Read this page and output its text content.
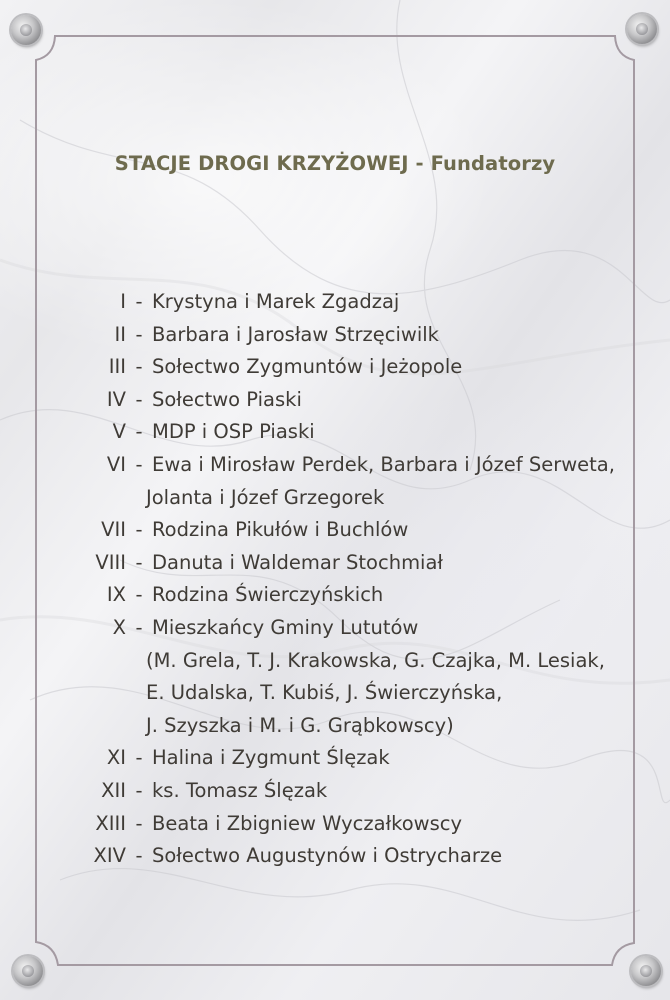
STACJE DROGI KRZYŻOWEJ - Fundatorzy
I - Krystyna i Marek Zgadzaj
II - Barbara i Jarosław Strzęciwilk
III - Sołectwo Zygmuntów i Jeżopole
IV - Sołectwo Piaski
V - MDP i OSP Piaski
VI - Ewa i Mirosław Perdek, Barbara i Józef Serweta,
Jolanta i Józef Grzegorek
VII - Rodzina Pikułów i Buchlów
VIII - Danuta i Waldemar Stochmiał
IX - Rodzina Świerczyńskich
X - Mieszkańcy Gminy Lututów
(M. Grela, T. J. Krakowska, G. Czajka, M. Lesiak,
E. Udalska, T. Kubiś, J. Świerczyńska,
J. Szyszka i M. i G. Grąbkowscy)
XI - Halina i Zygmunt Ślęzak
XII - ks. Tomasz Ślęzak
XIII - Beata i Zbigniew Wyczałkowscy
XIV - Sołectwo Augustynów i Ostrycharze
